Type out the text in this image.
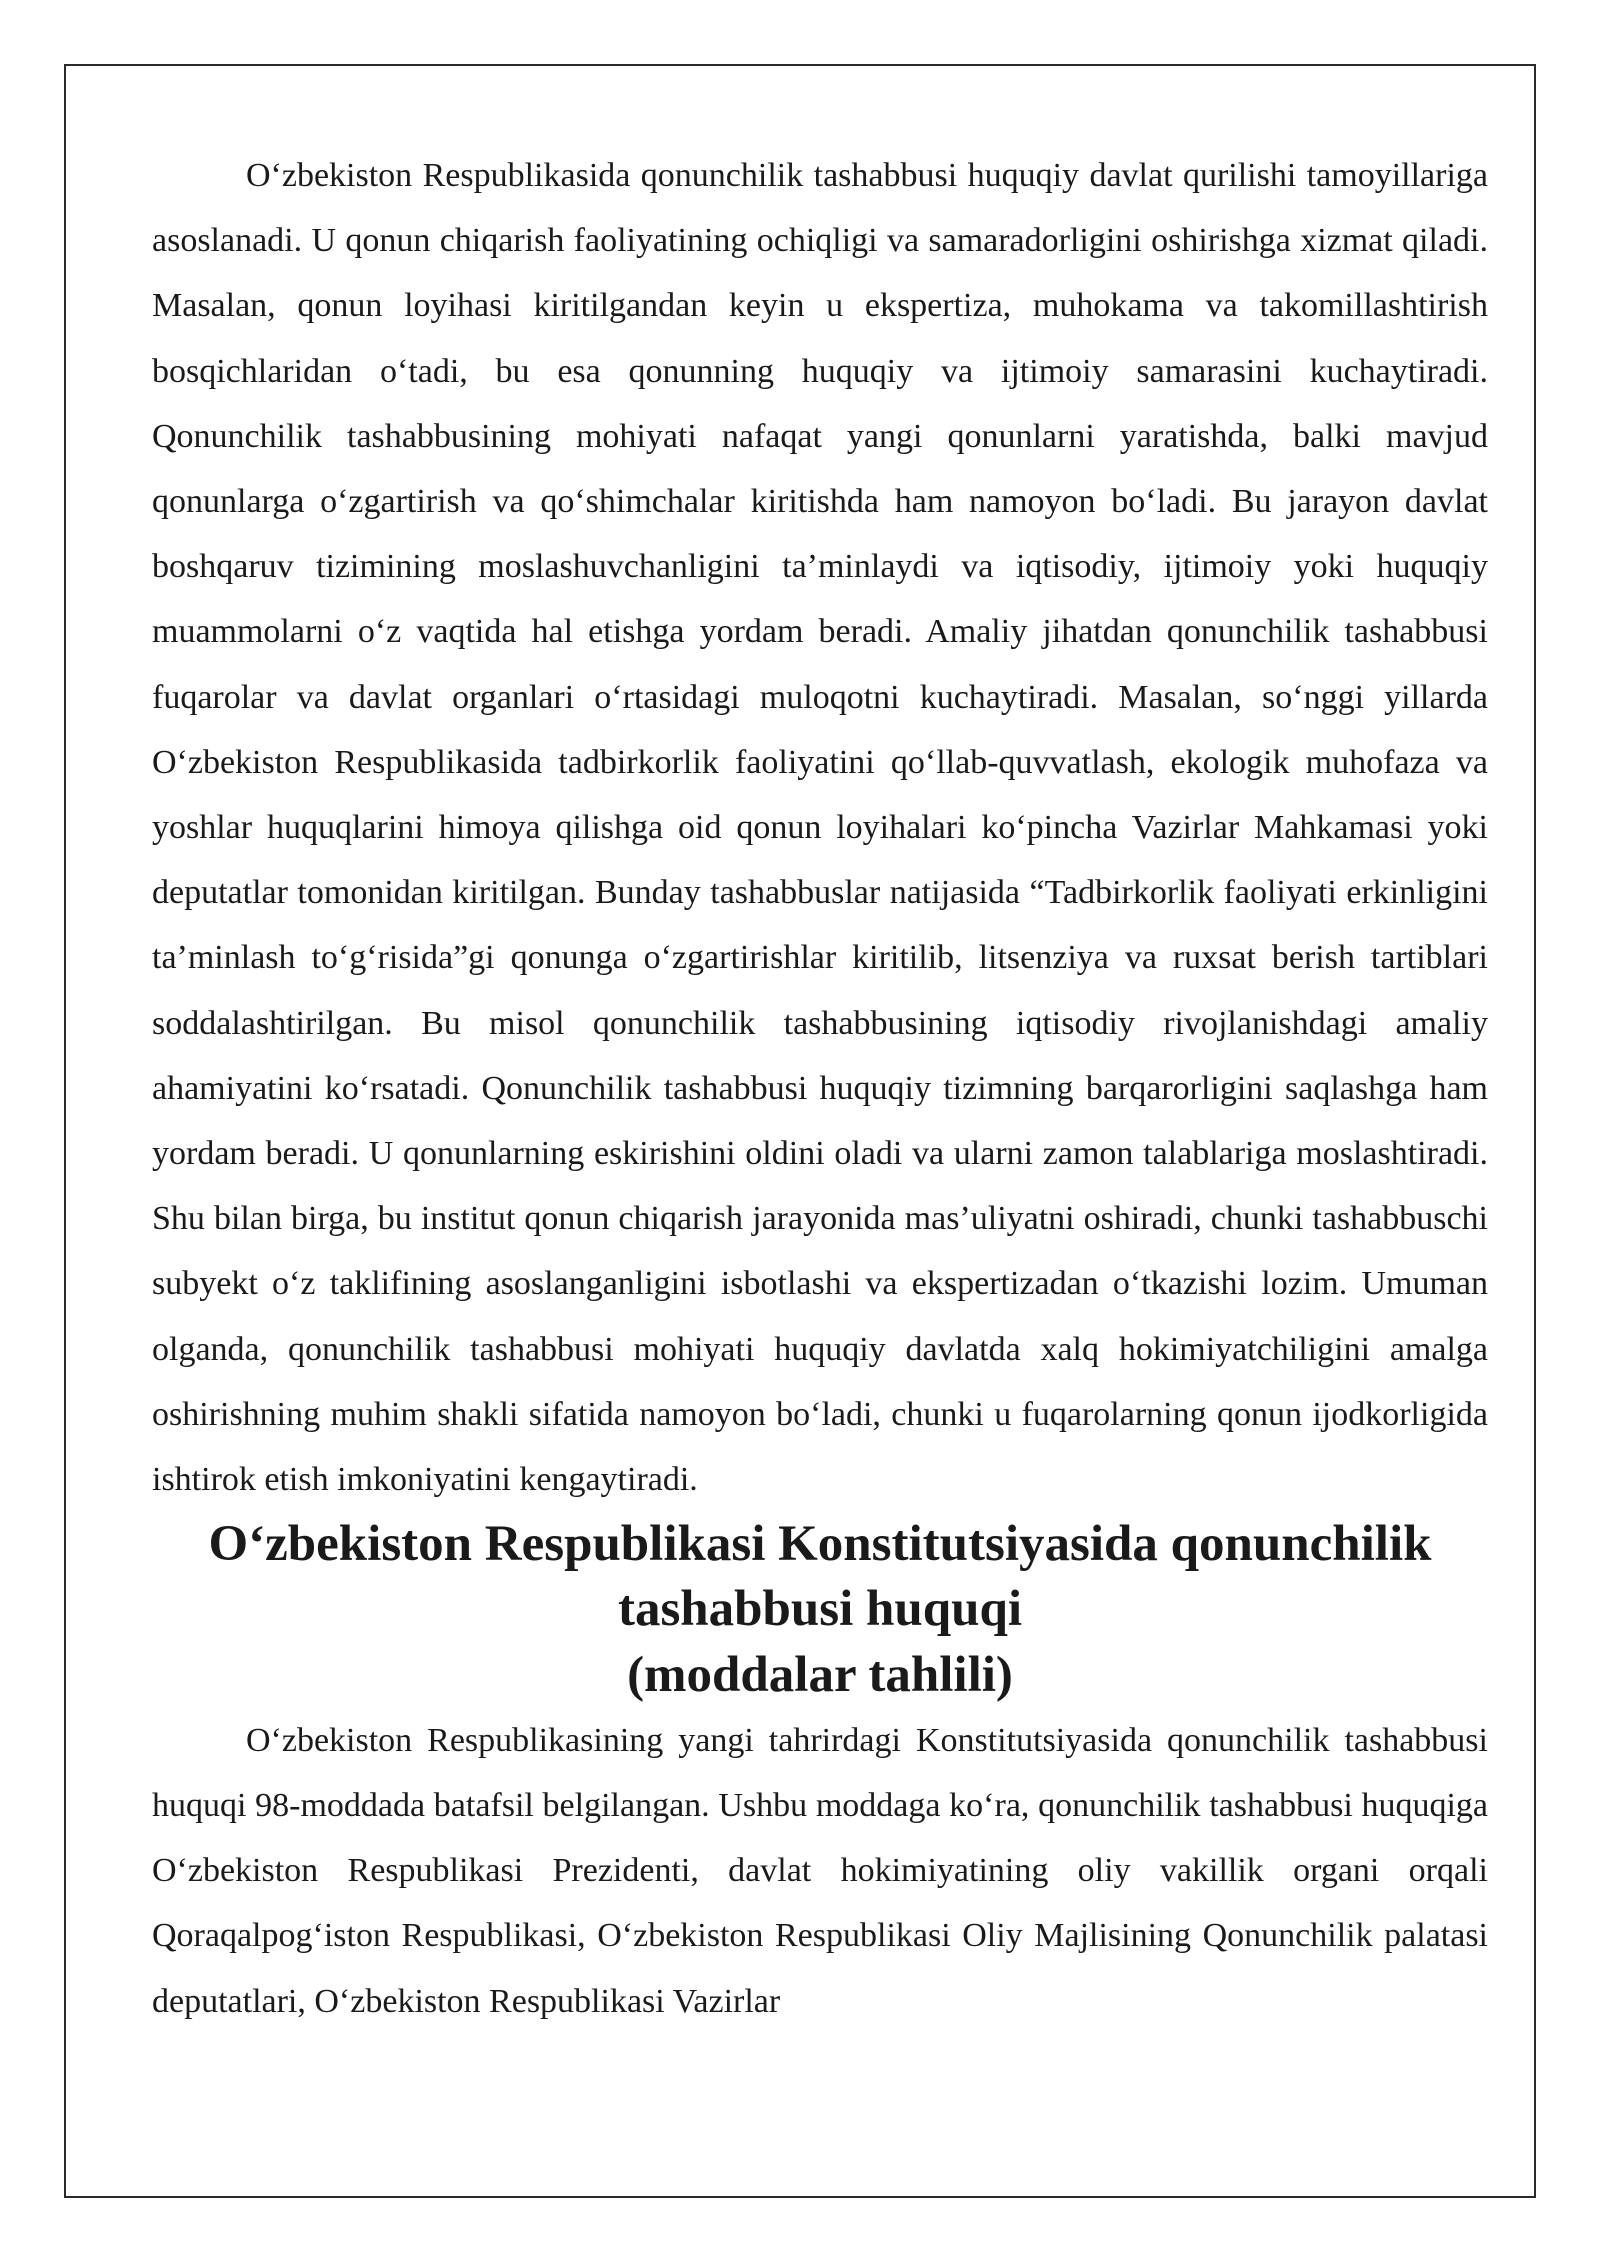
O‘zbekiston Respublikasida qonunchilik tashabbusi huquqiy davlat qurilishi tamoyillariga asoslanadi. U qonun chiqarish faoliyatining ochiqligi va samaradorligini oshirishga xizmat qiladi. Masalan, qonun loyihasi kiritilgandan keyin u ekspertiza, muhokama va takomillashtirish bosqichlaridan o‘tadi, bu esa qonunning huquqiy va ijtimoiy samarasini kuchaytiradi. Qonunchilik tashabbusining mohiyati nafaqat yangi qonunlarni yaratishda, balki mavjud qonunlarga o‘zgartirish va qo‘shimchalar kiritishda ham namoyon bo‘ladi. Bu jarayon davlat boshqaruv tizimining moslashuvchanligini ta’minlaydi va iqtisodiy, ijtimoiy yoki huquqiy muammolarni o‘z vaqtida hal etishga yordam beradi. Amaliy jihatdan qonunchilik tashabbusi fuqarolar va davlat organlari o‘rtasidagi muloqotni kuchaytiradi. Masalan, so‘nggi yillarda O‘zbekiston Respublikasida tadbirkorlik faoliyatini qo‘llab-quvvatlash, ekologik muhofaza va yoshlar huquqlarini himoya qilishga oid qonun loyihalari ko‘pincha Vazirlar Mahkamasi yoki deputatlar tomonidan kiritilgan. Bunday tashabbuslar natijasida “Tadbirkorlik faoliyati erkinligini ta’minlash to‘g‘risida”gi qonunga o‘zgartirishlar kiritilib, litsenziya va ruxsat berish tartiblari soddalashtirilgan. Bu misol qonunchilik tashabbusining iqtisodiy rivojlanishdagi amaliy ahamiyatini ko‘rsatadi. Qonunchilik tashabbusi huquqiy tizimning barqarorligini saqlashga ham yordam beradi. U qonunlarning eskirishini oldini oladi va ularni zamon talablariga moslashtiradi. Shu bilan birga, bu institut qonun chiqarish jarayonida mas’uliyatni oshiradi, chunki tashabbuschi subyekt o‘z taklifining asoslanganligini isbotlashi va ekspertizadan o‘tkazishi lozim. Umuman olganda, qonunchilik tashabbusi mohiyati huquqiy davlatda xalq hokimiyatchiligini amalga oshirishning muhim shakli sifatida namoyon bo‘ladi, chunki u fuqarolarning qonun ijodkorligida ishtirok etish imkoniyatini kengaytiradi.

O‘zbekiston Respublikasi Konstitutsiyasida qonunchilik tashabbusi huquqi
(moddalar tahlili)

O‘zbekiston Respublikasining yangi tahrirdagi Konstitutsiyasida qonunchilik tashabbusi huquqi 98-moddada batafsil belgilangan. Ushbu moddaga ko‘ra, qonunchilik tashabbusi huquqiga O‘zbekiston Respublikasi Prezidenti, davlat hokimiyatining oliy vakillik organi orqali Qoraqalpog‘iston Respublikasi, O‘zbekiston Respublikasi Oliy Majlisining Qonunchilik palatasi deputatlari, O‘zbekiston Respublikasi Vazirlar
